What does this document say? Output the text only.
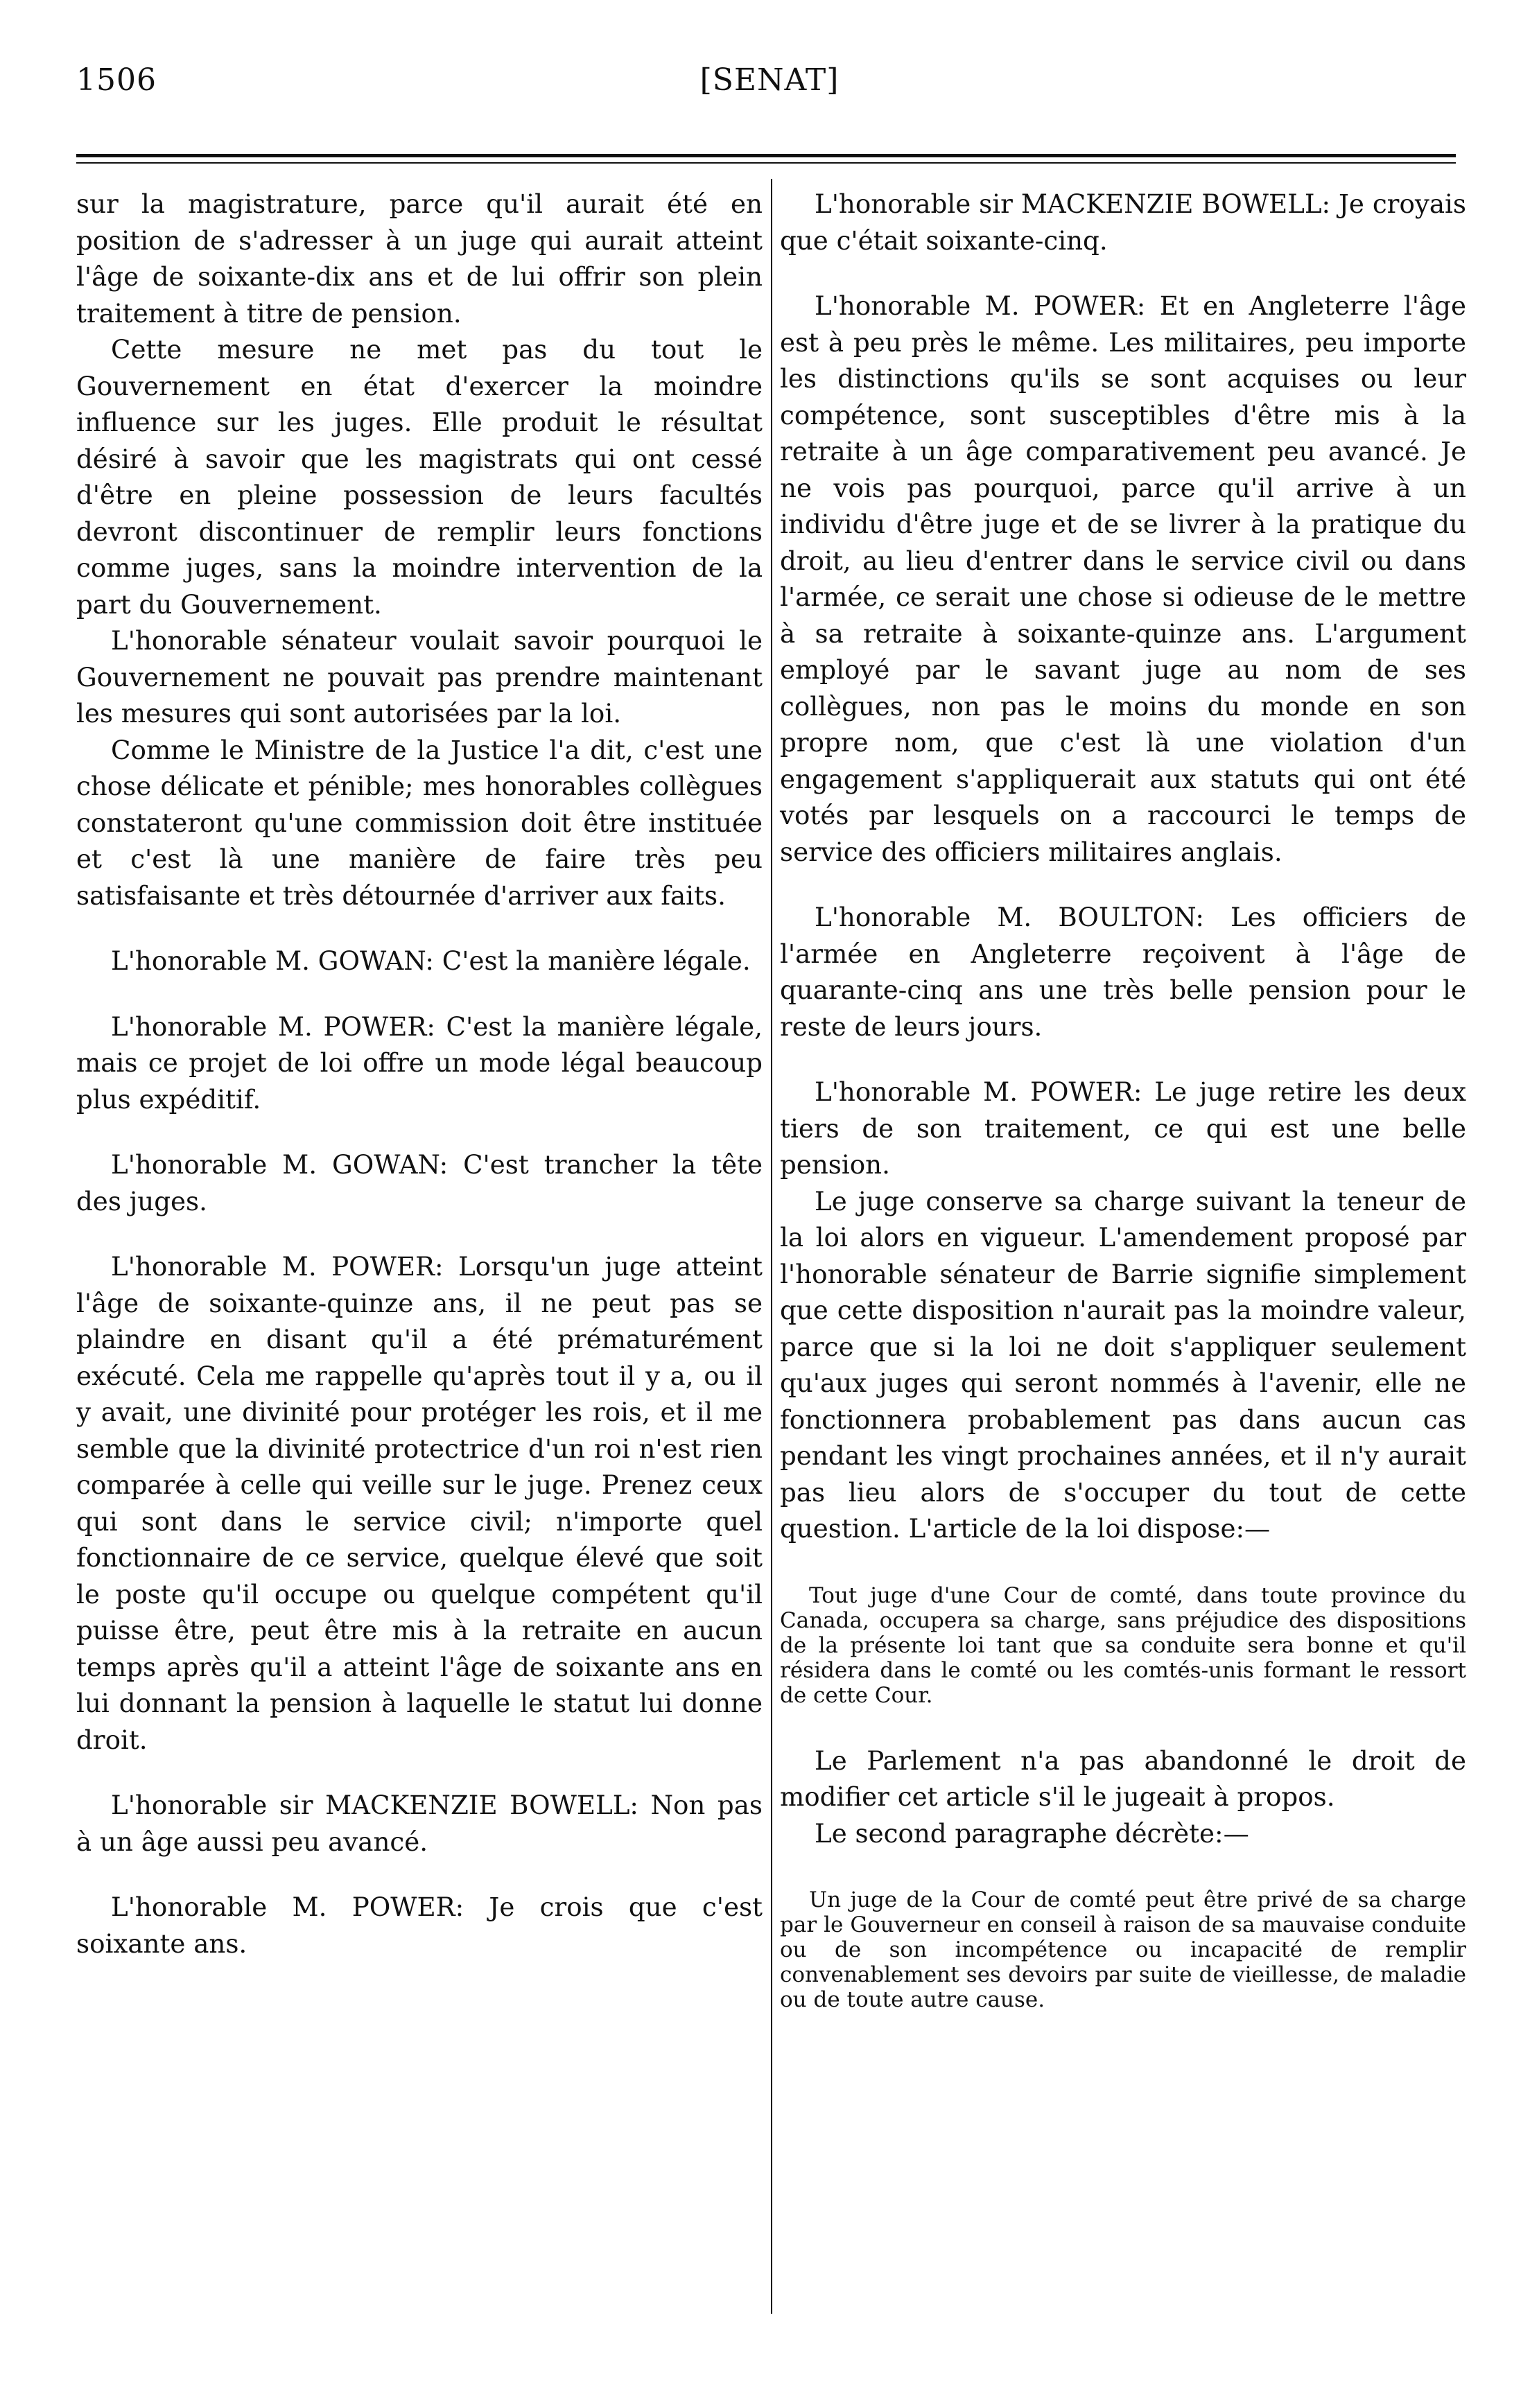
1506	[SENAT]

sur la magistrature, parce qu'il aurait été en position de s'adresser à un juge qui aurait atteint l'âge de soixante-dix ans et de lui offrir son plein traitement à titre de pension.

Cette mesure ne met pas du tout le Gouvernement en état d'exercer la moindre influence sur les juges. Elle produit le résultat désiré à savoir que les magistrats qui ont cessé d'être en pleine possession de leurs facultés devront discontinuer de remplir leurs fonctions comme juges, sans la moindre intervention de la part du Gouvernement.

L'honorable sénateur voulait savoir pourquoi le Gouvernement ne pouvait pas prendre maintenant les mesures qui sont autorisées par la loi.

Comme le Ministre de la Justice l'a dit, c'est une chose délicate et pénible; mes honorables collègues constateront qu'une commission doit être instituée et c'est là une manière de faire très peu satisfaisante et très détournée d'arriver aux faits.

L'honorable M. GOWAN: C'est la manière légale.

L'honorable M. POWER: C'est la manière légale, mais ce projet de loi offre un mode légal beaucoup plus expéditif.

L'honorable M. GOWAN: C'est trancher la tête des juges.

L'honorable M. POWER: Lorsqu'un juge atteint l'âge de soixante-quinze ans, il ne peut pas se plaindre en disant qu'il a été prématurément exécuté. Cela me rappelle qu'après tout il y a, ou il y avait, une divinité pour protéger les rois, et il me semble que la divinité protectrice d'un roi n'est rien comparée à celle qui veille sur le juge. Prenez ceux qui sont dans le service civil; n'importe quel fonctionnaire de ce service, quelque élevé que soit le poste qu'il occupe ou quelque compétent qu'il puisse être, peut être mis à la retraite en aucun temps après qu'il a atteint l'âge de soixante ans en lui donnant la pension à laquelle le statut lui donne droit.

L'honorable sir MACKENZIE BOWELL: Non pas à un âge aussi peu avancé.

L'honorable M. POWER: Je crois que c'est soixante ans.

L'honorable sir MACKENZIE BOWELL: Je croyais que c'était soixante-cinq.

L'honorable M. POWER: Et en Angleterre l'âge est à peu près le même. Les militaires, peu importe les distinctions qu'ils se sont acquises ou leur compétence, sont susceptibles d'être mis à la retraite à un âge comparativement peu avancé. Je ne vois pas pourquoi, parce qu'il arrive à un individu d'être juge et de se livrer à la pratique du droit, au lieu d'entrer dans le service civil ou dans l'armée, ce serait une chose si odieuse de le mettre à sa retraite à soixante-quinze ans. L'argument employé par le savant juge au nom de ses collègues, non pas le moins du monde en son propre nom, que c'est là une violation d'un engagement s'appliquerait aux statuts qui ont été votés par lesquels on a raccourci le temps de service des officiers militaires anglais.

L'honorable M. BOULTON: Les officiers de l'armée en Angleterre reçoivent à l'âge de quarante-cinq ans une très belle pension pour le reste de leurs jours.

L'honorable M. POWER: Le juge retire les deux tiers de son traitement, ce qui est une belle pension.

Le juge conserve sa charge suivant la teneur de la loi alors en vigueur. L'amendement proposé par l'honorable sénateur de Barrie signifie simplement que cette disposition n'aurait pas la moindre valeur, parce que si la loi ne doit s'appliquer seulement qu'aux juges qui seront nommés à l'avenir, elle ne fonctionnera probablement pas dans aucun cas pendant les vingt prochaines années, et il n'y aurait pas lieu alors de s'occuper du tout de cette question. L'article de la loi dispose:—

Tout juge d'une Cour de comté, dans toute province du Canada, occupera sa charge, sans préjudice des dispositions de la présente loi tant que sa conduite sera bonne et qu'il résidera dans le comté ou les comtés-unis formant le ressort de cette Cour.

Le Parlement n'a pas abandonné le droit de modifier cet article s'il le jugeait à propos.

Le second paragraphe décrète:—

Un juge de la Cour de comté peut être privé de sa charge par le Gouverneur en conseil à raison de sa mauvaise conduite ou de son incompétence ou incapacité de remplir convenablement ses devoirs par suite de vieillesse, de maladie ou de toute autre cause.
